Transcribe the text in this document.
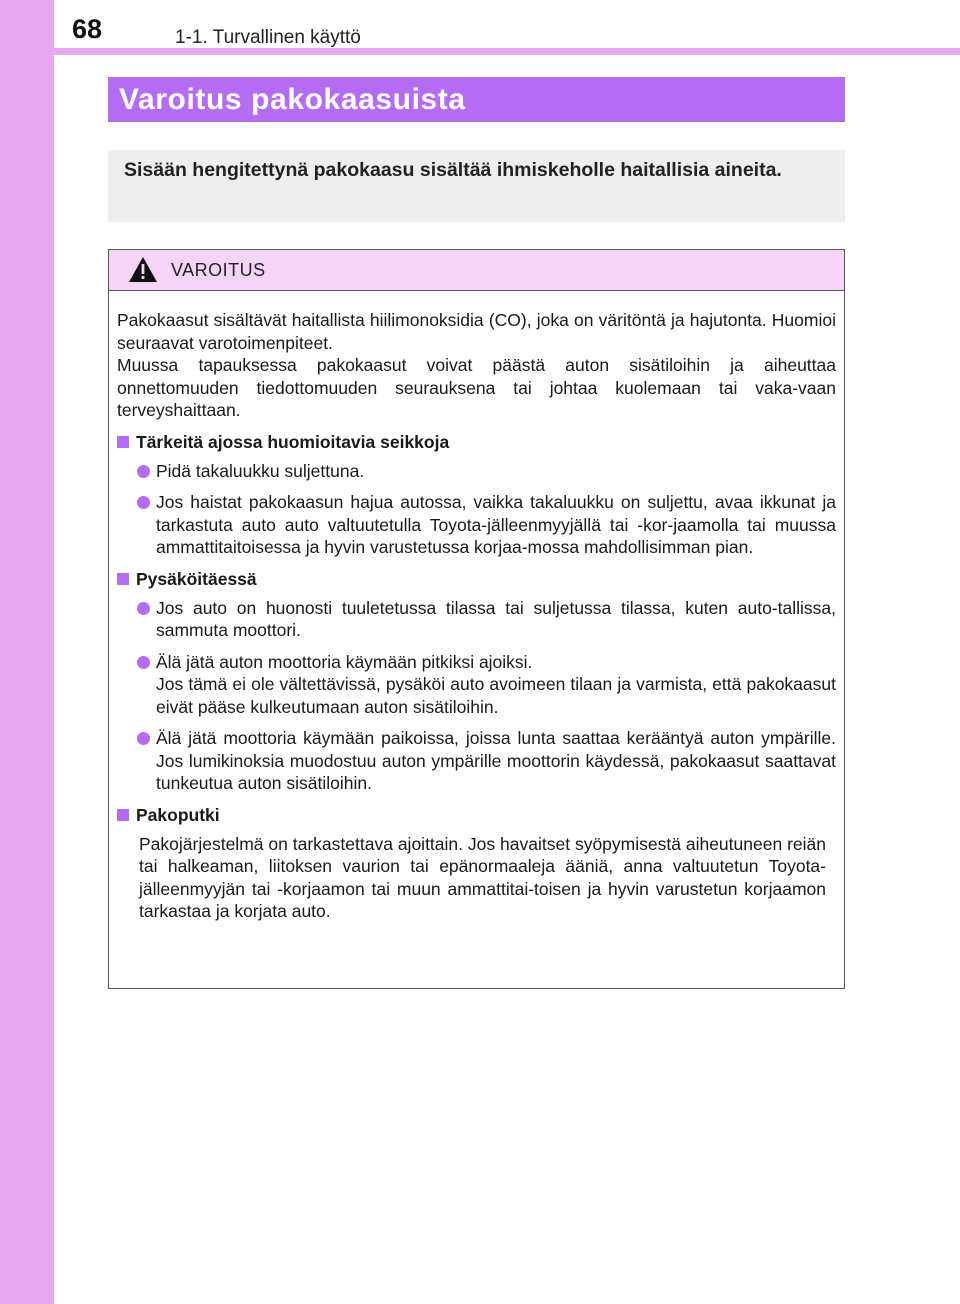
68	1-1. Turvallinen käyttö
Varoitus pakokaasuista

Sisään hengitettynä pakokaasu sisältää ihmiskeholle haitallisia aineita.

VAROITUS

Pakokaasut sisältävät haitallista hiilimonoksidia (CO), joka on väritöntä ja hajutonta. Huomioi seuraavat varotoimenpiteet.

Muussa tapauksessa pakokaasut voivat päästä auton sisätiloihin ja aiheuttaa onnettomuuden tiedottomuuden seurauksena tai johtaa kuolemaan tai vaka-vaan terveyshaittaan.

Tärkeitä ajossa huomioitavia seikkoja

Pidä takaluukku suljettuna.

Jos haistat pakokaasun hajua autossa, vaikka takaluukku on suljettu, avaa ikkunat ja tarkastuta auto auto valtuutetulla Toyota-jälleenmyyjällä tai -kor-jaamolla tai muussa ammattitaitoisessa ja hyvin varustetussa korjaa-mossa mahdollisimman pian.

Pysäköitäessä

Jos auto on huonosti tuuletetussa tilassa tai suljetussa tilassa, kuten auto-tallissa, sammuta moottori.

Älä jätä auton moottoria käymään pitkiksi ajoiksi.
Jos tämä ei ole vältettävissä, pysäköi auto avoimeen tilaan ja varmista, että pakokaasut eivät pääse kulkeutumaan auton sisätiloihin.

Älä jätä moottoria käymään paikoissa, joissa lunta saattaa kerääntyä auton ympärille. Jos lumikinoksia muodostuu auton ympärille moottorin käydessä, pakokaasut saattavat tunkeutua auton sisätiloihin.

Pakoputki

Pakojärjestelmä on tarkastettava ajoittain. Jos havaitset syöpymisestä aiheutuneen reiän tai halkeaman, liitoksen vaurion tai epänormaaleja ääniä, anna valtuutetun Toyota-jälleenmyyjän tai -korjaamon tai muun ammattitai-toisen ja hyvin varustetun korjaamon tarkastaa ja korjata auto.
